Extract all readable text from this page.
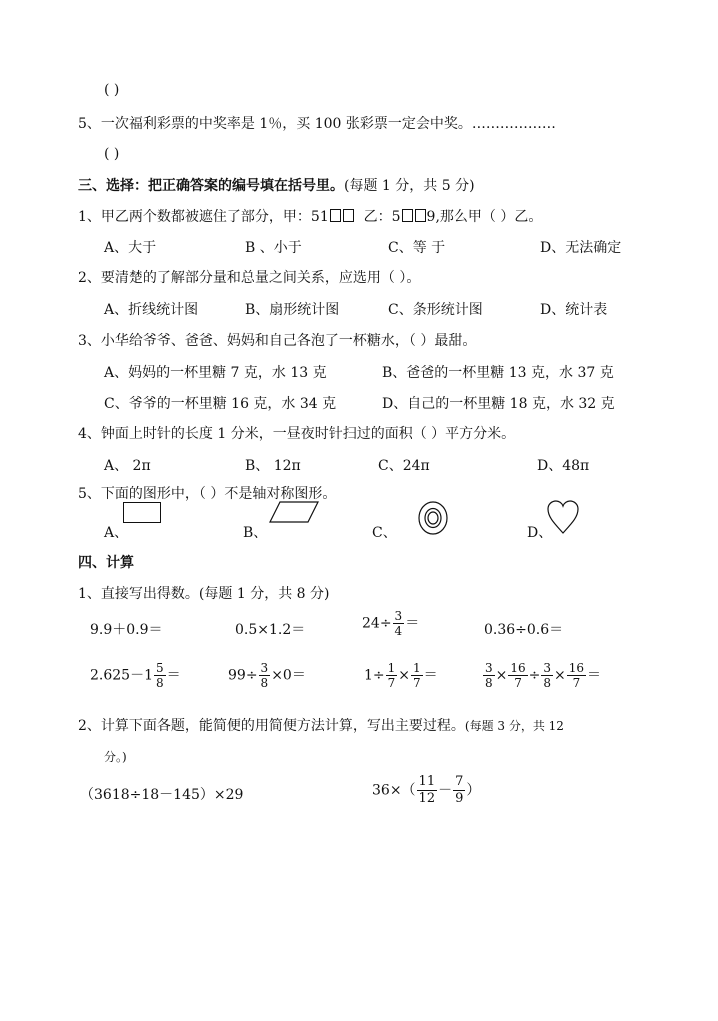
( )
5、一次福利彩票的中奖率是 1％，买 100 张彩票一定会中奖。………………
( )
三、选择：把正确答案的编号填在括号里。(每题 1 分，共 5 分)
1、甲乙两个数都被遮住了部分，甲：51  乙：5 9,那么甲（ ）乙。
A、大于	B 、小于	C、等 于	D、无法确定
2、要清楚的了解部分量和总量之间关系，应选用（ ）。
A、折线统计图	B、扇形统计图	C、条形统计图	D、统计表
3、小华给爷爷、爸爸、妈妈和自己各泡了一杯糖水，（ ）最甜。
A、妈妈的一杯里糖 7 克，水 13 克	B、爸爸的一杯里糖 13 克，水 37 克
C、爷爷的一杯里糖 16 克，水 34 克	D、自己的一杯里糖 18 克，水 32 克
4、钟面上时针的长度 1 分米，一昼夜时针扫过的面积（ ）平方分米。
A、 2π	B、 12π	C、24π	D、48π
5、下面的图形中，（ ）不是轴对称图形。
A、	B、	C、	D、
四、计算
1、直接写出得数。(每题 1 分，共 8 分)
9.9＋0.9＝	0.5×1.2＝	$24\div \frac{3}{4}$ ＝	0.36÷0.6＝
$2.625-1 \frac{5}{8}$ ＝	$99\div \frac{3}{8} \times 0=$	$1\div \frac{1}{7} \times \frac{1}{7}$ ＝	$\frac{3}{8} \times \frac{16}{7} \div \frac{3}{8} \times \frac{16}{7}$ ＝
2、计算下面各题，能简便的用简便方法计算，写出主要过程。(每题 3 分，共 12
分。)
（3618÷18－145）×29	$36\times( \frac{11}{12} - \frac{7}{9}$ ）
